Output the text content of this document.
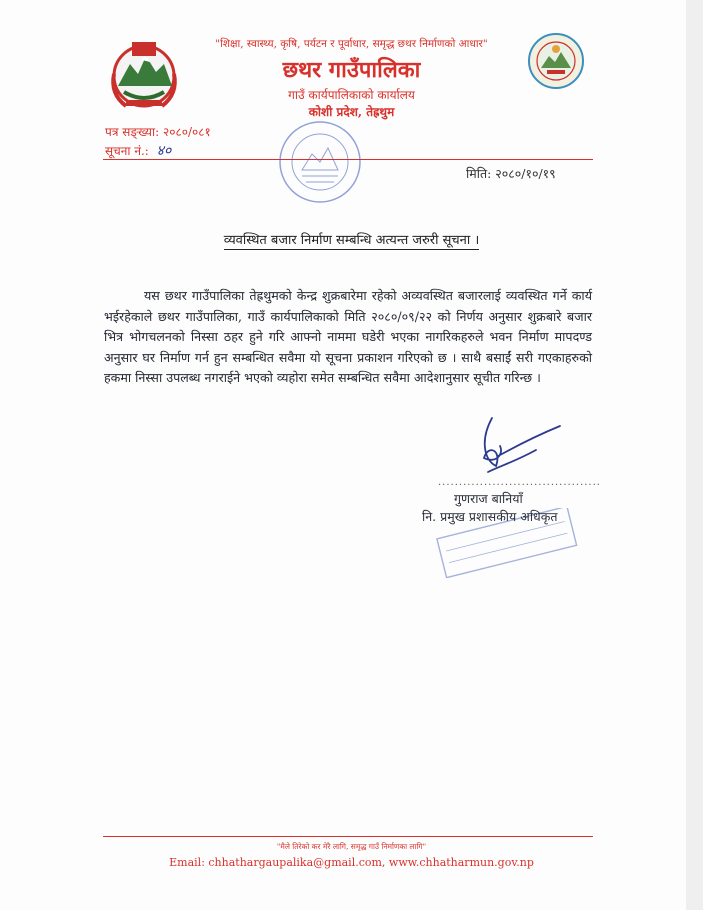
"शिक्षा, स्वास्थ्य, कृषि, पर्यटन र पूर्वाधार, समृद्ध छथर निर्माणको आधार"
छथर गाउँपालिका
गाउँ कार्यपालिकाको कार्यालय
कोशी प्रदेश, तेह्रथुम
पत्र सङ्ख्या: २०८०/०८१
सूचना नं.: ४०
मिति: २०८०/१०/१९
व्यवस्थित बजार निर्माण सम्बन्धि अत्यन्त जरुरी सूचना ।
यस छथर गाउँपालिका तेह्रथुमको केन्द्र शुक्रबारेमा रहेको अव्यवस्थित बजारलाई व्यवस्थित गर्ने कार्य भईरहेकाले छथर गाउँपालिका, गाउँ कार्यपालिकाको मिति २०८०/०९/२२ को निर्णय अनुसार शुक्रबारे बजार भित्र भोगचलनको निस्सा ठहर हुने गरि आफ्नो नाममा घडेरी भएका नागरिकहरुले भवन निर्माण मापदण्ड अनुसार घर निर्माण गर्न हुन सम्बन्धित सवैमा यो सूचना प्रकाशन गरिएको छ । साथै बसाईं सरी गएकाहरुको हकमा निस्सा उपलब्ध नगराईने भएको व्यहोरा समेत सम्बन्धित सवैमा आदेशानुसार सूचीत गरिन्छ ।
.......................................
गुणराज बानियाँ
नि. प्रमुख प्रशासकीय अधिकृत
"मैले तिरेको कर मेरै लागि, समृद्ध गाउँ निर्माणका लागि"
Email: chhathargaupalika@gmail.com, www.chhatharmun.gov.np
